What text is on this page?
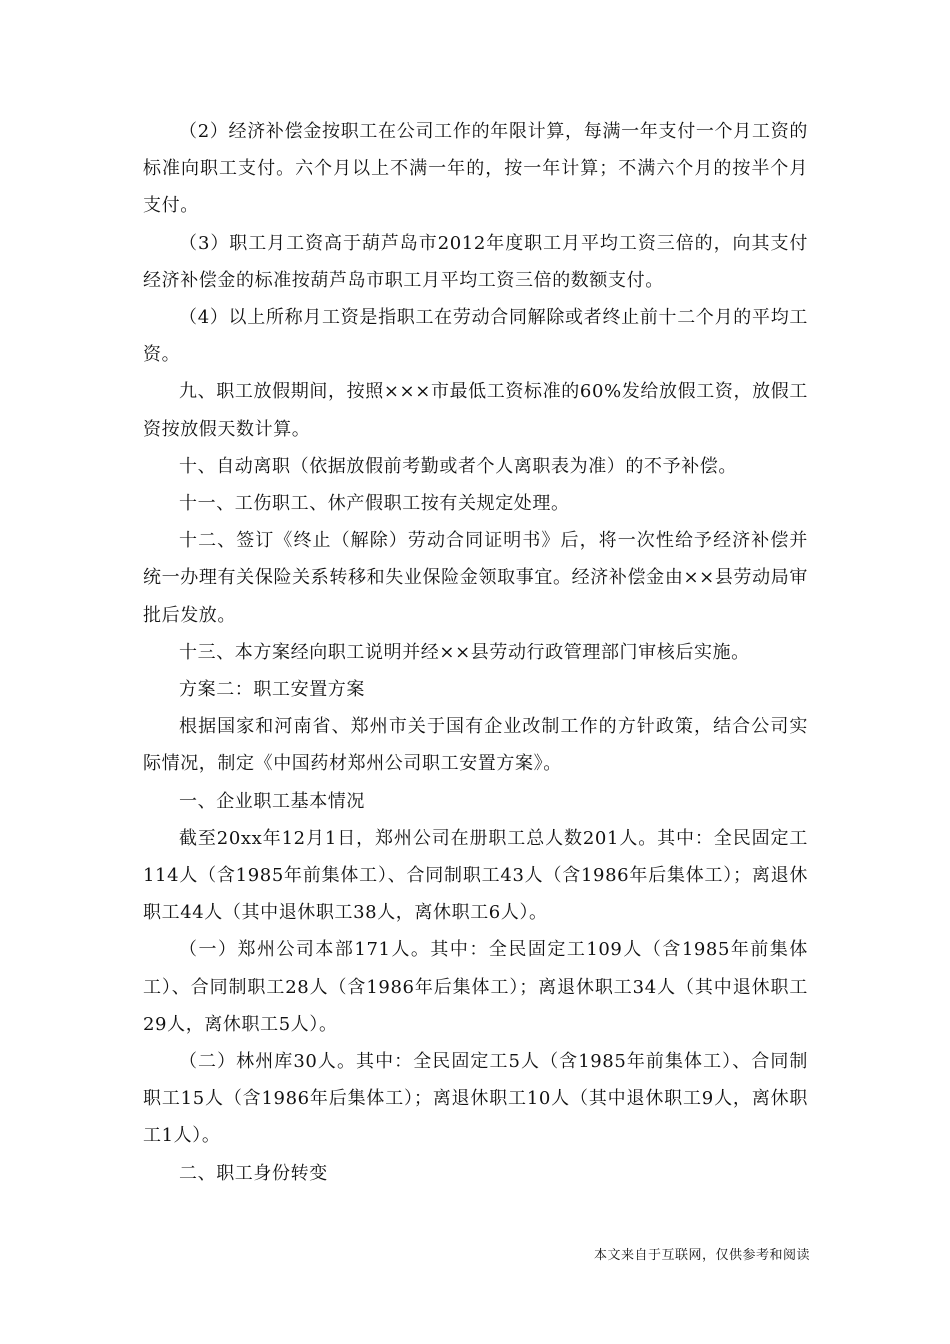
（2）经济补偿金按职工在公司工作的年限计算，每满一年支付一个月工资的标准向职工支付。六个月以上不满一年的，按一年计算；不满六个月的按半个月支付。

（3）职工月工资高于葫芦岛市2012年度职工月平均工资三倍的，向其支付经济补偿金的标准按葫芦岛市职工月平均工资三倍的数额支付。

（4）以上所称月工资是指职工在劳动合同解除或者终止前十二个月的平均工资。

九、职工放假期间，按照×××市最低工资标准的60%发给放假工资，放假工资按放假天数计算。

十、自动离职（依据放假前考勤或者个人离职表为准）的不予补偿。

十一、工伤职工、休产假职工按有关规定处理。

十二、签订《终止（解除）劳动合同证明书》后，将一次性给予经济补偿并统一办理有关保险关系转移和失业保险金领取事宜。经济补偿金由××县劳动局审批后发放。

十三、本方案经向职工说明并经××县劳动行政管理部门审核后实施。

方案二：职工安置方案

根据国家和河南省、郑州市关于国有企业改制工作的方针政策，结合公司实际情况，制定《中国药材郑州公司职工安置方案》。

一、企业职工基本情况

截至20xx年12月1日，郑州公司在册职工总人数201人。其中：全民固定工114人（含1985年前集体工）、合同制职工43人（含1986年后集体工）；离退休职工44人（其中退休职工38人，离休职工6人）。

（一）郑州公司本部171人。其中：全民固定工109人（含1985年前集体工）、合同制职工28人（含1986年后集体工）；离退休职工34人（其中退休职工29人，离休职工5人）。

（二）林州库30人。其中：全民固定工5人（含1985年前集体工）、合同制职工15人（含1986年后集体工）；离退休职工10人（其中退休职工9人，离休职工1人）。

二、职工身份转变

本文来自于互联网，仅供参考和阅读
